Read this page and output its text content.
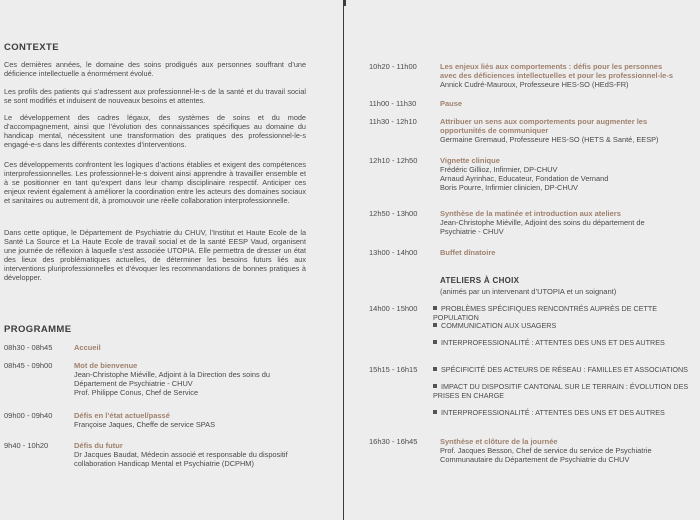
CONTEXTE

Ces dernières années, le domaine des soins prodigués aux personnes souffrant d’une déficience intellectuelle a énormément évolué.

Les profils des patients qui s’adressent aux professionnel-le-s de la santé et du travail social se sont modifiés et induisent de nouveaux besoins et attentes.

Le développement des cadres légaux, des systèmes de soins et du mode d’accompagnement, ainsi que l’évolution des connaissances spécifiques au domaine du handicap mental, nécessitent une transformation des pratiques des professionnel-le-s engagé-e-s dans les différents contextes d’interventions.

Ces développements confrontent les logiques d’actions établies et exigent des compétences interprofessionnelles. Les professionnel-le-s doivent ainsi apprendre à travailler ensemble et à se positionner en tant qu’expert dans leur champ disciplinaire respectif. Anticiper ces enjeux revient également à améliorer la coordination entre les acteurs des domaines sociaux et sanitaires ou autrement dit, à promouvoir une réelle collaboration interprofessionnelle.

Dans cette optique, le Département de Psychiatrie du CHUV, l’Institut et Haute Ecole de la Santé La Source et La Haute Ecole de travail social et de la santé EESP Vaud, organisent une journée de réflexion à laquelle s’est associée UTOPIA. Elle permettra de dresser un état des lieux des problématiques actuelles, de déterminer les besoins futurs liés aux interventions pluriprofessionnelles et d’évoquer les recommandations de bonnes pratiques à développer.

PROGRAMME
08h30 - 08h45	Accueil
08h45 - 09h00	Mot de bienvenue
Jean-Christophe Miéville, Adjoint à la Direction des soins du
Département de Psychiatrie - CHUV
Prof. Philippe Conus, Chef de Service
09h00 - 09h40	Défis en l’état actuel/passé
Françoise Jaques, Cheffe de service SPAS
9h40 - 10h20	Défis du futur
Dr Jacques Baudat, Médecin associé et responsable du dispositif
collaboration Handicap Mental et Psychiatrie (DCPHM)
10h20 - 11h00	Les enjeux liés aux comportements : défis pour les personnes
avec des déficiences intellectuelles et pour les professionnel-le-s
Annick Cudré-Mauroux, Professeure HES-SO (HEdS-FR)
11h00 - 11h30	Pause
11h30 - 12h10	Attribuer un sens aux comportements pour augmenter les
opportunités de communiquer
Germaine Gremaud, Professeure HES-SO (HETS & Santé, EESP)
12h10 - 12h50	Vignette clinique
Frédéric Gillioz, Infirmier, DP-CHUV
Arnaud Ayrinhac, Educateur, Fondation de Vernand
Boris Pourre, Infirmier clinicien, DP-CHUV
12h50 - 13h00	Synthèse de la matinée et introduction aux ateliers
Jean-Christophe Miéville, Adjoint des soins du département de
Psychiatrie - CHUV
13h00 - 14h00	Buffet dînatoire
ATELIERS À CHOIX
(animés par un intervenant d’UTOPIA et un soignant)
14h00 - 15h00	PROBLÈMES SPÉCIFIQUES RENCONTRÉS AUPRÈS DE CETTE POPULATION
COMMUNICATION AUX USAGERS
INTERPROFESSIONALITÉ : ATTENTES DES UNS ET DES AUTRES
15h15 - 16h15	SPÉCIFICITÉ DES ACTEURS DE RÉSEAU : FAMILLES ET ASSOCIATIONS
IMPACT DU DISPOSITIF CANTONAL SUR LE TERRAIN : ÉVOLUTION DES PRISES EN CHARGE
INTERPROFESSIONALITÉ : ATTENTES DES UNS ET DES AUTRES
16h30 - 16h45	Synthèse et clôture de la journée
Prof. Jacques Besson, Chef de service du service de Psychiatrie
Communautaire du Département de Psychiatrie du CHUV
